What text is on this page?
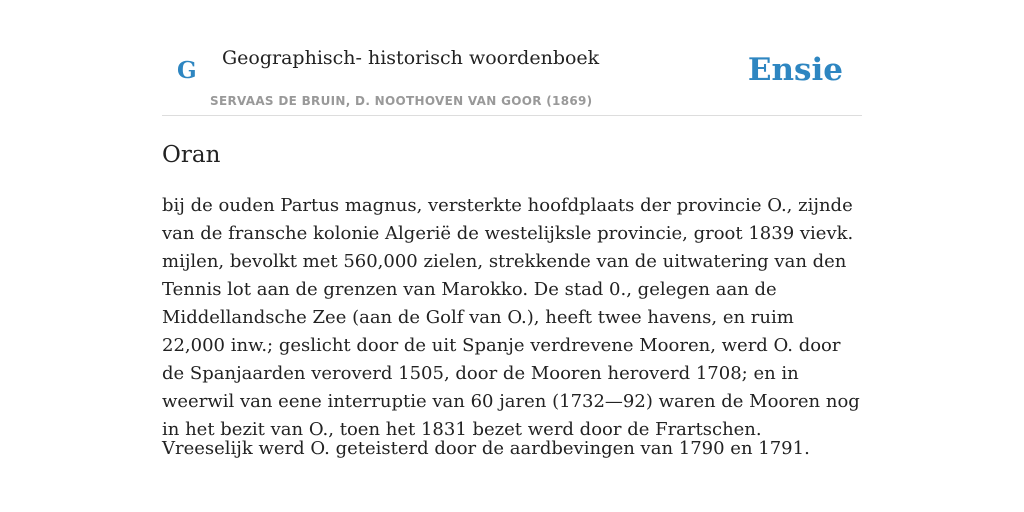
G Geographisch- historisch woordenboek
SERVAAS DE BRUIN, D. NOOTHOVEN VAN GOOR (1869)
Ensie
Oran

bij de ouden Partus magnus, versterkte hoofdplaats der provincie O., zijnde van de fransche kolonie Algerië de westelijksle provincie, groot 1839 vievk. mijlen, bevolkt met 560,000 zielen, strekkende van de uitwatering van den Tennis lot aan de grenzen van Marokko. De stad 0., gelegen aan de Middellandsche Zee (aan de Golf van O.), heeft twee havens, en ruim 22,000 inw.; geslicht door de uit Spanje verdrevene Mooren, werd O. door de Spanjaarden veroverd 1505, door de Mooren heroverd 1708; en in weerwil van eene interruptie van 60 jaren (1732—92) waren de Mooren nog in het bezit van O., toen het 1831 bezet werd door de Frartschen.

Vreeselijk werd O. geteisterd door de aardbevingen van 1790 en 1791.
